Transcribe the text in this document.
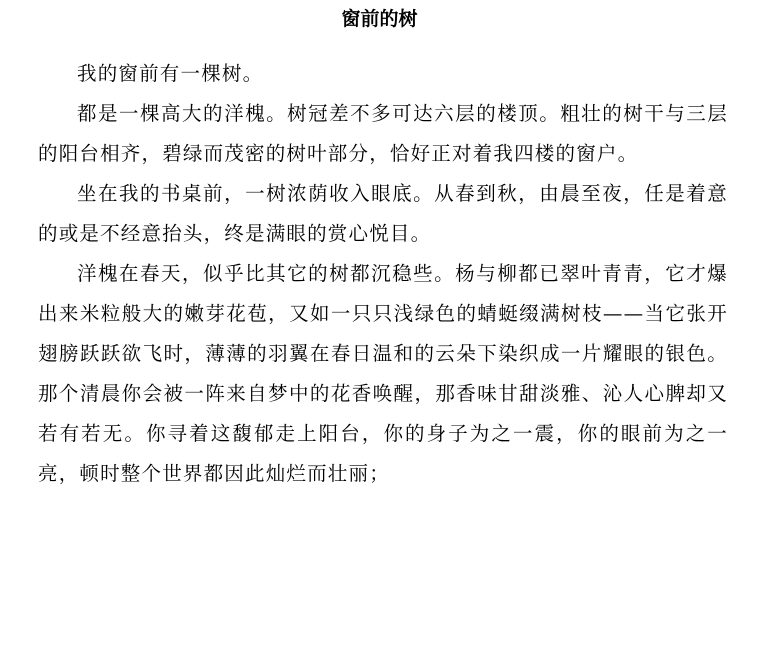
窗前的树

我的窗前有一棵树。

都是一棵高大的洋槐。树冠差不多可达六层的楼顶。粗壮的树干与三层的阳台相齐，碧绿而茂密的树叶部分，恰好正对着我四楼的窗户。

坐在我的书桌前，一树浓荫收入眼底。从春到秋，由晨至夜，任是着意的或是不经意抬头，终是满眼的赏心悦目。

洋槐在春天，似乎比其它的树都沉稳些。杨与柳都已翠叶青青，它才爆出来米粒般大的嫩芽花苞，又如一只只浅绿色的蜻蜓缀满树枝——当它张开翅膀跃跃欲飞时，薄薄的羽翼在春日温和的云朵下染织成一片耀眼的银色。那个清晨你会被一阵来自梦中的花香唤醒，那香味甘甜淡雅、沁人心脾却又若有若无。你寻着这馥郁走上阳台，你的身子为之一震，你的眼前为之一亮，顿时整个世界都因此灿烂而壮丽；
